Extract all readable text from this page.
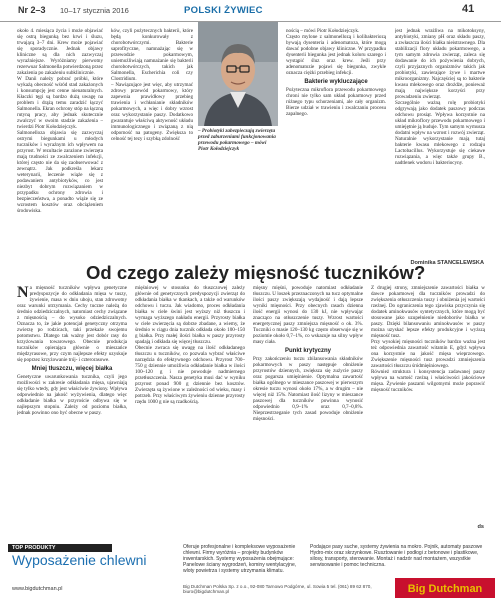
Nr 2–3 10–17 stycznia 2016	POLSKI ŻYWIEC	41

około 4. miesiąca życia i może objawiać się ostrą biegunką bez krwi i śluzu, trwającą 3–7 dni. Krew może pojawiać się sporadycznie. Jednak objawy kliniczne są dla nich zazwyczaj wyraźniejsze. Wyróżniamy pierwotny rezerwuar Salmonella potwierdzoną przez zakażenia po zakażeniu subklinicznie.

W Danii należy pobrać próbki, które wykażą obecność wśród stad zakażonych i konsumpcję jest cenne nienaturalnych. Kłaczki tęgi są bardzo dużą uwagę na problem i drążą temu zaradzić łączyć Salmonella. Ekran ochrony stóp na łączną rutyną pracy, aby jednak skutecznie zwalczyć w swoim stadzie zakażenia – twierdzi Piotr Kołodziejczyk.

Salmonelloza objawia się zazwyczaj ostrymi biegunkami u młodych tuczników i wyraźnym ich wpływem na przyrost. W rezultacie zarażone zwierzęta mają trudności ze zwalczeniem infekcji, której często nie da się zaobserwować z zewnątrz. Jak podkreśla lekarz weterynarii, leczenie wiąże się z podawaniem antybiotyków, co jest niezbyt dobrym rozwiązaniem w przypadku ochrony zdrowia i bezpieczeństwa, a ponadto wiąże się ze wzrostem kosztów oraz obciążeniem środowiska.

ków, czyli pożytecznych bakterii, które będą konkurowały z chorobotwórczymi. Bakterie saprofityczne, namnażając się w przewodzie pokarmowym, uniemożliwiają namnażanie się bakterii chorobotwórczych, takich jak Salmonella, Escherichia coli czy Clostridium.

– Nawiązujące jest więc, aby utrzymać zdrowy przewód pokarmowy, który zapewnia prawidłowy przebieg trawienia i wchłanianie składników pokarmowych, a więc i dobry wzrost oraz wykorzystanie paszy. Dodatkowo gwarantuje właściwą aktywność układu immunologicznego i związaną z nią odporność na patogeny. Zwiększa to celność tej tezy i szybką zdolność

– Probiotyki zabezpieczają zwierzęta przed zaburzeniami funkcjonowania przewodu pokarmowego – mówi Piotr Kołodziejczyk

nością – mówi Piotr Kołodziejczyk.

Często mylone z salmonellozą i kolibakteriozą bywają dysenteria i adenomatoza, które mogą dawać podobne objawy kliniczne. W przypadku dysenterii biegunka jest jednak koloru szarego i wystąpić śluz oraz krew. Jeśli przy adenomatozie pojawi się biegunka, zwykle oznacza ciężki przebieg infekcji.

Bakterie wykluczające

Pożyteczna mikroflora przewodu pokarmowego chroni nie tylko sam układ pokarmowy przed różnego typu schorzeniami, ale cały organizm. Bierze udział w trawieniu i zwalczaniu procesu zapalnego.

jest jednak wrażliwa na mikotoksyny, antybiotyki, zmiany pH oraz składu paszy, a zwłaszcza ilości białka nieistrawnego. Dla stabilizacji flory układu pokarmowego, a tym samym zdrowia zwierząt, zaleca się dodawanie do ich pożywienia dobrych, czyli przyjaznych organizmów takich jak probiotyki, zawierające żywe i martwe mikroorganizmy. Najczęściej są to bakterie kwasu mlekowego oraz drożdże, ponieważ mają największe korzyści przy prowadzeniu zwierząt.

Szczególnie ważną rolę probiotyki odgrywają jako dodatek paszowy podczas odchowu prosiąt. Wpływa korzystnie na układ mikroflory przewodu pokarmowego i umiejętnie ją buduje. Tym samym wymusza dodatni wpływ na wzrost i rozwój zwierząt. Naturalnie wykorzystanie mają tutaj bakterie kwasu mlekowego z rodzaju Lactobacillus. Wykorzystuje się ciekawe rozwiązania, a więc także grupy B., nadtlenek wodoru i bakteriocyny.

Dominika STANCELEWSKA
Od czego zależy mięsność tuczników?

Na mięsność tuczników wpływa genetyczne predyspozycje do odkładania mięsa w tuszy, żywienie, masa w dniu uboju, stan zdrowotny oraz warunki utrzymania. Cechy tuczne należą do średnio odziedziczalnych, natomiast cechy związane z mięsnością – do wysoko odziedziczalnych. Oznacza to, że jakie potencjał genetyczny otrzyma zwierzę po rodzicach, taki przekaże swojemu potomstwu. Dlatego tak ważny jest dobór rasy do krzyżowania towarowego. Obecnie produkcja tuczników opierająca głównie o mieszańce międzyrasowe, przy czym najlepsze efekty uzyskuje się poprzez krzyżowanie trój- i czterorasowe.

Mniej tłuszczu, więcej białka

Genetyczne uwarunkowania tucznika, czyli jego możliwości w zakresie odkładania mięsa, ujawniają się tylko wtedy, gdy jest właściwie żywiony. Wpływa odpowiednio na jakość wyżywienia, dlatego więc odkładanie białka w przyroście odbywa się w najlepszym stopniu. Zależy od poziomu białka, jednak powinno ono być obecne w paszy.

mięśniowej w stosunku do tłuszczowej zależy głównie od genetycznych predyspozycji zwierząt do odkładania białka w tkankach, a także od warunków odchowu i tuczu. Jak wiadomo, proces odkładania białka w ciele świni jest wyższy niż tłuszczu i wymaga wyższego nakładu energii. Przyrosty białka w ciele zwierzęcia są dobrze zbadane, a wiemy, że średnio w ciągu dnia tucznik odkłada około 100–150 g białka. Przy małej ilości białka w paszy przyrosty spadają i odkłada się więcej tłuszczu.

Obecnie zwraca się uwagę na ilość odkładanego tłuszczu u tuczników, co pozwala wybrać właściwe narzędzia do efektywnego odchowu. Przyrost 700–750 g dziennie umożliwia odkładanie białka w ilości 100–120 g i nie powoduje nadmiernego przetłuszczenia. Nasza genetyka musi dać w wyniku przyrost ponad 900 g dziennie bez kosztów. Zwierzęta są żywione w zależności od wieku, masy i potrzeb. Przy właściwym żywieniu dzienne przyrosty rzędu 1000 g nie są rzadkością.

mięsny mięśni, powoduje natomiast odkładanie tłuszczu. U loszek przeznaczonych na tucz optymalne ilości paszy zwiększają wydajność i dają lepsze wyniki mięsności. Przy obecnych rasach dzienna ilość energii wynosi do 130 kJ, nie wpływając znacząco na otłuszczenie tuszy. Wzrost wartości energetycznej paszy zmniejsza mięsność o ok. 3%. Tuczniki o masie 120–130 kg często obserwuje się w poziomie około 0,7–1%, co wskazuje na silny wpływ masy ciała.

Punkt krytyczny

Przy zakończeniu tuczu zbilansowania składników pokarmowych w paszy następuje obniżenie przyrostów dziennych, zwiększa się zużycie paszy oraz pogarsza umięśnienie. Optymalna zawartość białka ogólnego w mieszance paszowej w pierwszym okresie tuczu wynosi około 17%, a w drugim – nie więcej niż 15%. Natomiast ilość lizyny w mieszance paszowej dla tuczników powinna wynosić odpowiednio 0,9–1% oraz 0,7–0,8%. Nieprzestrzeganie tych zasad powoduje obniżenie mięsności.

Z drugiej strony, zmniejszenie zawartości białka w dawce pokarmowej dla tuczników prowadzi do zwiększenia otłuszczenia tuszy i obniżenia jej wartości rzeźnej. Do ograniczenia tego zjawiska przyczynia się dodatek aminokwasów syntetycznych, które mogą być stosowane jako uzupełnienie niedoborów białka w paszy. Dzięki bilansowaniu aminokwasów w paszy można uzyskać lepsze efekty produkcyjne i wyższą mięsność tusz.

Przy wysokiej mięsności tuczników bardzo ważna jest też odpowiednia zawartość witamin E, gdyż wpływa ona korzystnie na jakość mięsa wieprzowego. Zwiększenie mięsności tusz prowadzi zmniejszenia zawartości tłuszczu śródmięśniowego.

Również struktura i konsystencja zadawanej paszy wpływa na wartość rzeźną i właściwości jakościowe mięsa. Żywienie paszami wilgotnymi może poprawić mięsność tuczników.

ds
TOP PRODUKTY
Wyposażenie chlewni
www.bigdutchman.pl
Oferuje profesjonalne i kompleksowe wyposażenie chlewni. Firmy wyróżnia – projekty budynków inwentarskich. Systemy wyposażenia obejmujące: Panelowe ściany wygrodzeń, kominy wentylacyjne, wloty powietrza i systemy utrzymania klimatu.
Podające pasy suche, systemy żywienia na mokro. Pojnik, automaty paszowe Hydro-mix oraz skrzynkowe. Rusztowanie i podłogi z betonowe i plastikowe, silosy, transporty, sterowanie. Montaż i nadzór nad montażem, wszystkie serwisowanie i pomoc techniczna.
Big Dutchman Polska Sp. z o.o., 92-080 Tarnowo Podgórne, ul. Sowia 5 tel. (061) 89 62 870, biuro@bigdutchman.pl	Big Dutchman
